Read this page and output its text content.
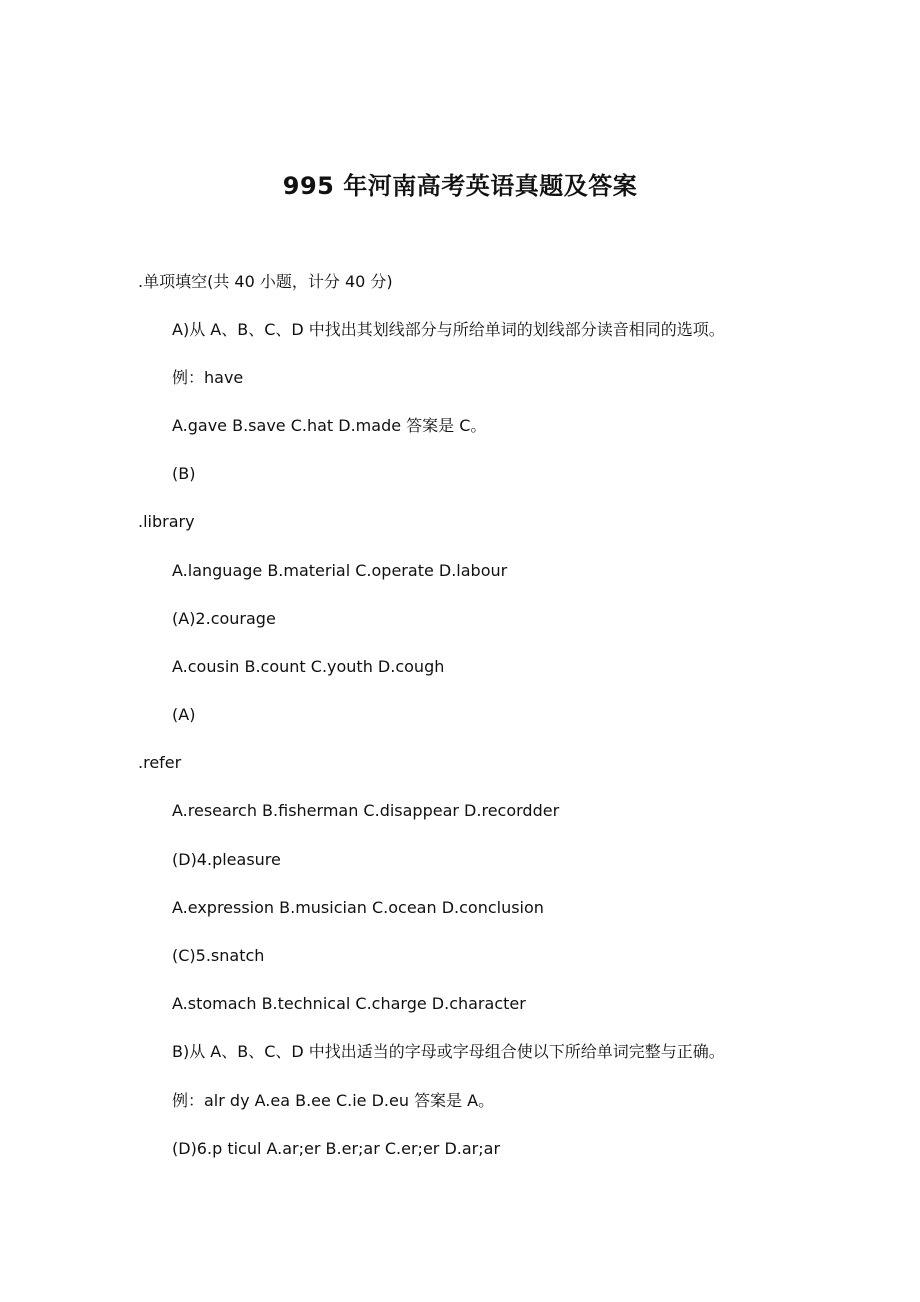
995 年河南高考英语真题及答案
.单项填空(共 40 小题，计分 40 分)
A)从 A、B、C、D 中找出其划线部分与所给单词的划线部分读音相同的选项。
例：have
A.gave B.save C.hat D.made 答案是 C。
(B)
.library
A.language B.material C.operate D.labour
(A)2.courage
A.cousin B.count C.youth D.cough
(A)
.refer
A.research B.fisherman C.disappear D.recordder
(D)4.pleasure
A.expression B.musician C.ocean D.conclusion
(C)5.snatch
A.stomach B.technical C.charge D.character
B)从 A、B、C、D 中找出适当的字母或字母组合使以下所给单词完整与正确。
例：alr dy A.ea B.ee C.ie D.eu 答案是 A。
(D)6.p ticul A.ar;er B.er;ar C.er;er D.ar;ar
